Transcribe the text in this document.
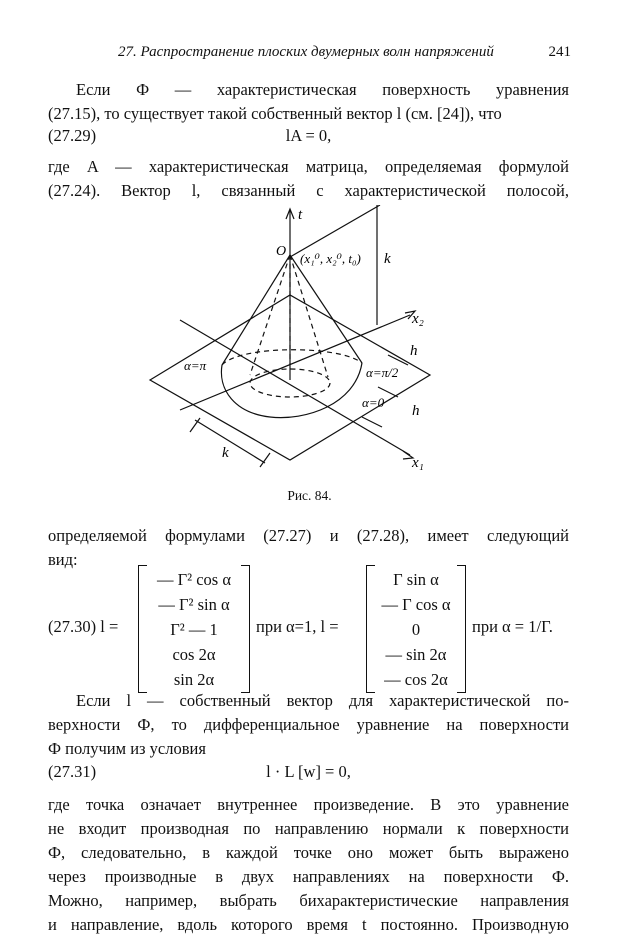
27. Распространение плоских двумерных волн напряжений	241
Если Ф — характеристическая поверхность уравнения
(27.15), то существует такой собственный вектор l (см. [24]), что
(27.29)	lA = 0,
где A — характеристическая матрица, определяемая формулой
(27.24). Вектор l, связанный с характеристической полосой,
t
O (x₁⁰, x₂⁰, t₀) k
x₂
h
α=π	α=π/2
α=0
h
x₁
k
Рис. 84.
определяемой формулами (27.27) и (27.28), имеет следующий
вид:
(27.30) l =
— Г² cos α
— Г² sin α
Г² — 1
cos 2α
sin 2α
при α=1, l =
Г sin α
— Г cos α
0
— sin 2α
— cos 2α
при α = 1/Г.
Если l — собственный вектор для характеристической по-
верхности Ф, то дифференциальное уравнение на поверхности
Ф получим из условия
(27.31)	l · L [w] = 0,
где точка означает внутреннее произведение. В это уравнение
не входит производная по направлению нормали к поверхности
Ф, следовательно, в каждой точке оно может быть выражено
через производные в двух направлениях на поверхности Ф.
Можно, например, выбрать бихарактеристические направления
и направление, вдоль которого время t постоянно. Производную
